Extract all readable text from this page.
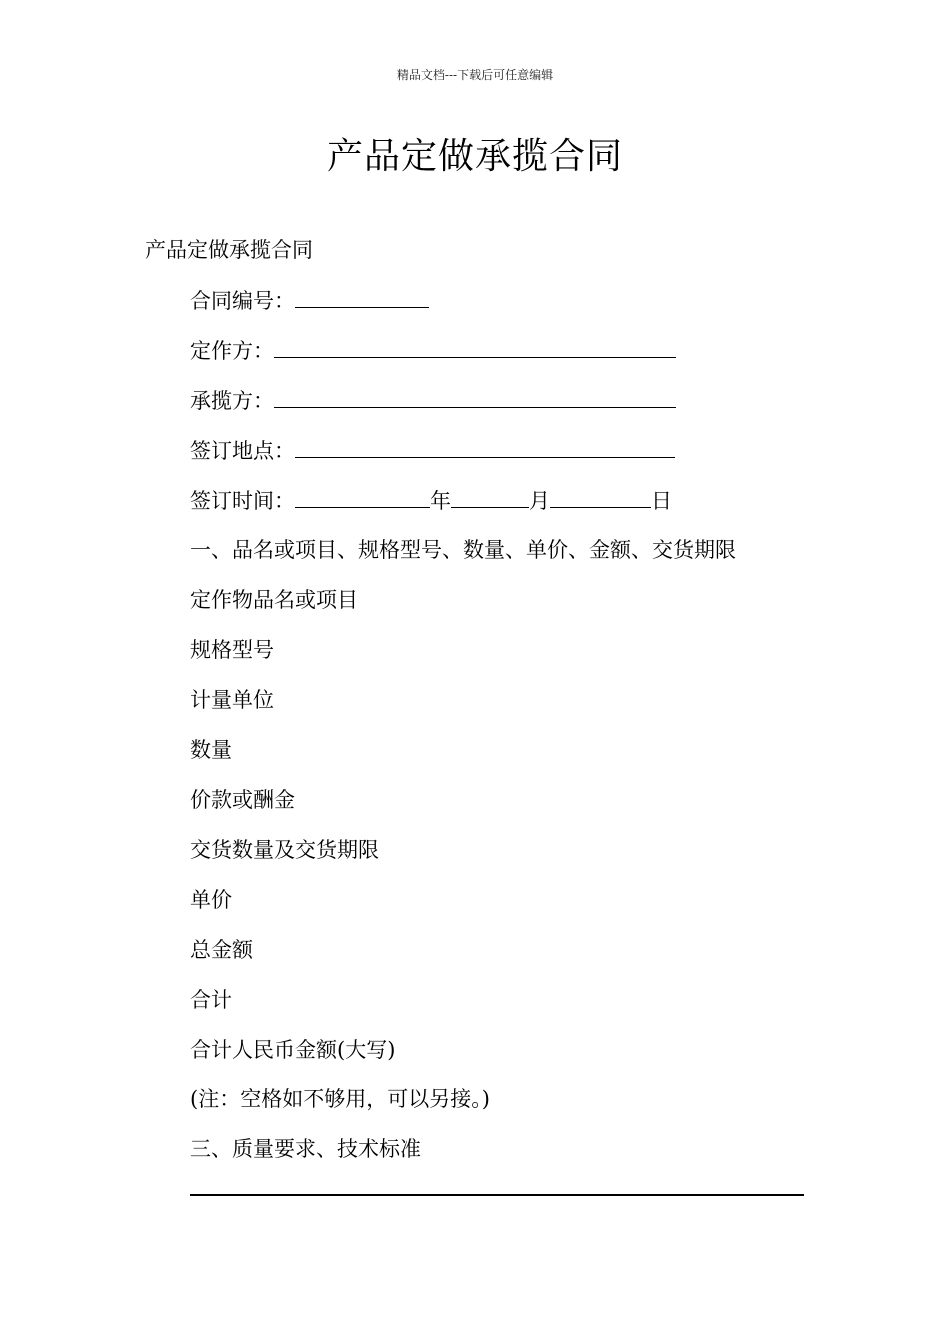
精品文档---下载后可任意编辑
产品定做承揽合同
产品定做承揽合同
合同编号：
定作方：
承揽方：
签订地点：
签订时间：	年	月	日
一、品名或项目、规格型号、数量、单价、金额、交货期限
定作物品名或项目
规格型号
计量单位
数量
价款或酬金
交货数量及交货期限
单价
总金额
合计
合计人民币金额(大写)
(注：空格如不够用，可以另接。)
三、质量要求、技术标准
